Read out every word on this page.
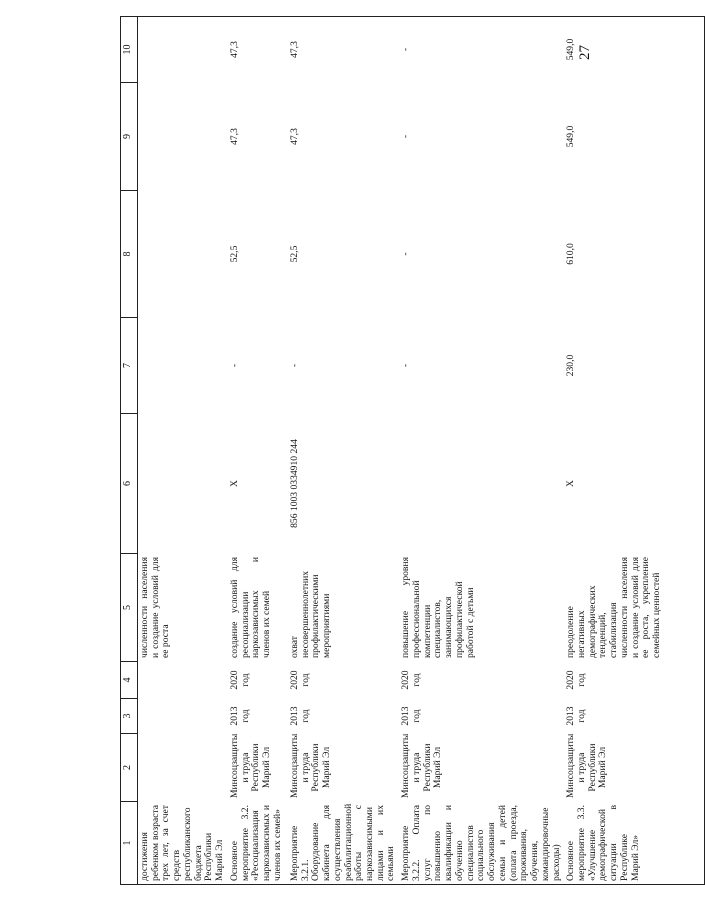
27
1	2	3	4	5	6	7	8	9	10
достижения ребенком возраста трех лет, за счет средств республиканского бюджета Республики Марий Эл				численности населения и создание условий для ее роста					
Основное мероприятие 3.2. «Ресоциализация наркозависимых и членов их семей»	Минсоцзащиты и труда Республики Марий Эл	2013 год	2020 год	создание условий для ресоциализации наркозависимых и членов их семей	Х	-	52,5	47,3	47,3
Мероприятие 3.2.1. Оборудование кабинета для осуществления реабилитационной работы с наркозависимыми лицами и их семьями	Минсоцзащиты и труда Республики Марий Эл	2013 год	2020 год	охват несовершеннолетних профилактическими мероприятиями	856 1003 0334910 244	-	52,5	47,3	47,3
Мероприятие 3.2.2. Оплата услуг по повышению квалификации и обучению специалистов социального обслуживания семьи и детей (оплата проезда, проживания, обучения, командировочные расходы)	Минсоцзащиты и труда Республики Марий Эл	2013 год	2020 год	повышение уровня профессиональной компетенции специалистов, занимающихся профилактической работой с детьми		-	-	-	-
Основное мероприятие 3.3. «Улучшение демографической ситуации в Республике Марий Эл»	Минсоцзащиты и труда Республики Марий Эл	2013 год	2020 год	преодоление негативных демографических тенденций, стабилизация численности населения и создание условий для ее роста, укрепление семейных ценностей	Х	230,0	610,0	549,0	549,0
